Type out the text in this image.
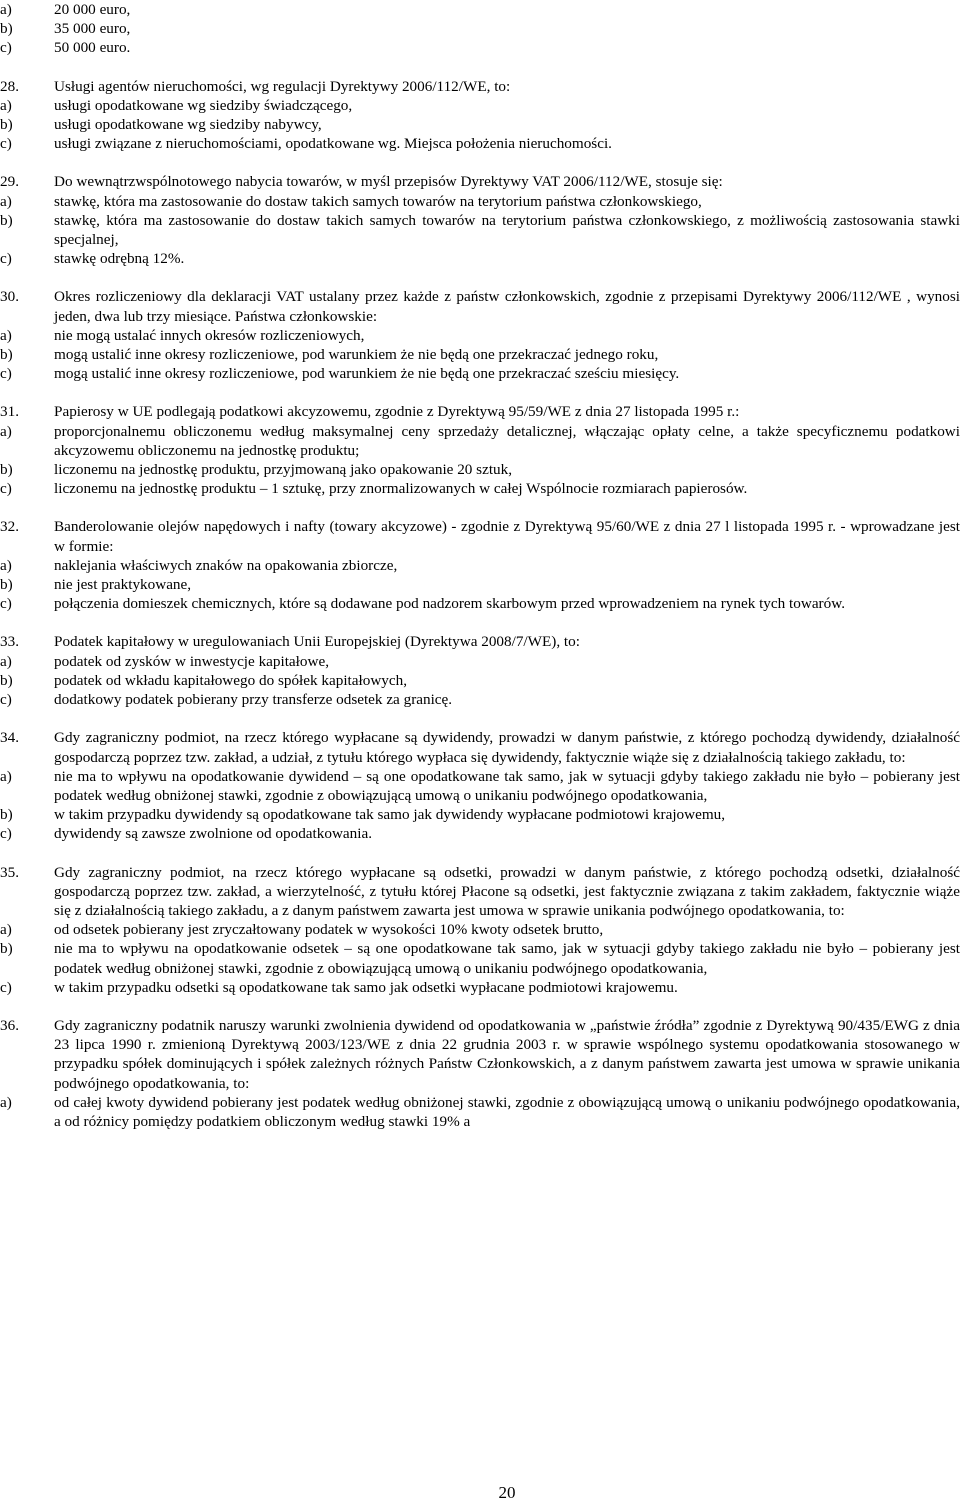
a)	20 000 euro,
b)	35 000 euro,
c)	50 000 euro.
28. Usługi agentów nieruchomości, wg regulacji Dyrektywy 2006/112/WE, to:
a)	usługi opodatkowane wg siedziby świadczącego,
b)	usługi opodatkowane wg siedziby nabywcy,
c)	usługi związane z nieruchomościami, opodatkowane wg. Miejsca położenia nieruchomości.
29. Do wewnątrzwspólnotowego nabycia towarów, w myśl przepisów Dyrektywy VAT 2006/112/WE, stosuje się:
a)	stawkę, która ma zastosowanie do dostaw takich samych towarów na terytorium państwa członkowskiego,
b)	stawkę, która ma zastosowanie do dostaw takich samych towarów na terytorium państwa członkowskiego, z możliwością zastosowania stawki specjalnej,
c)	stawkę odrębną 12%.
30. Okres rozliczeniowy dla deklaracji VAT ustalany przez każde z państw członkowskich, zgodnie z przepisami Dyrektywy 2006/112/WE , wynosi jeden, dwa lub trzy miesiące. Państwa członkowskie:
a)	nie mogą ustalać innych okresów rozliczeniowych,
b)	mogą ustalić inne okresy rozliczeniowe, pod warunkiem że nie będą one przekraczać jednego roku,
c)	mogą ustalić inne okresy rozliczeniowe, pod warunkiem że nie będą one przekraczać sześciu miesięcy.
31. Papierosy w UE podlegają podatkowi akcyzowemu, zgodnie z Dyrektywą 95/59/WE z dnia 27 listopada 1995 r.:
a)	proporcjonalnemu obliczonemu według maksymalnej ceny sprzedaży detalicznej, włączając opłaty celne, a także specyficznemu podatkowi akcyzowemu obliczonemu na jednostkę produktu;
b)	liczonemu na jednostkę produktu, przyjmowaną jako opakowanie 20 sztuk,
c)	liczonemu na jednostkę produktu – 1 sztukę, przy znormalizowanych w całej Wspólnocie rozmiarach papierosów.
32. Banderolowanie olejów napędowych i nafty (towary akcyzowe) - zgodnie z Dyrektywą 95/60/WE z dnia 27 l listopada 1995 r. - wprowadzane jest w formie:
a)	naklejania właściwych znaków na opakowania zbiorcze,
b)	nie jest praktykowane,
c)	połączenia domieszek chemicznych, które są dodawane pod nadzorem skarbowym przed wprowadzeniem na rynek tych towarów.
33. Podatek kapitałowy w uregulowaniach Unii Europejskiej (Dyrektywa 2008/7/WE), to:
a)	podatek od zysków w inwestycje kapitałowe,
b)	podatek od wkładu kapitałowego do spółek kapitałowych,
c)	dodatkowy podatek pobierany przy transferze odsetek za granicę.
34. Gdy zagraniczny podmiot, na rzecz którego wypłacane są dywidendy, prowadzi w danym państwie, z którego pochodzą dywidendy, działalność gospodarczą poprzez tzw. zakład, a udział, z tytułu którego wypłaca się dywidendy, faktycznie wiąże się z działalnością takiego zakładu, to:
a)	nie ma to wpływu na opodatkowanie dywidend – są one opodatkowane tak samo, jak w sytuacji gdyby takiego zakładu nie było – pobierany jest podatek według obniżonej stawki, zgodnie z obowiązującą umową o unikaniu podwójnego opodatkowania,
b)	w takim przypadku dywidendy są opodatkowane tak samo jak dywidendy wypłacane podmiotowi krajowemu,
c)	dywidendy są zawsze zwolnione od opodatkowania.
35. Gdy zagraniczny podmiot, na rzecz którego wypłacane są odsetki, prowadzi w danym państwie, z którego pochodzą odsetki, działalność gospodarczą poprzez tzw. zakład, a wierzytelność, z tytułu której Płacone są odsetki, jest faktycznie związana z takim zakładem, faktycznie wiąże się z działalnością takiego zakładu, a z danym państwem zawarta jest umowa w sprawie unikania podwójnego opodatkowania, to:
a)	od odsetek pobierany jest zryczałtowany podatek w wysokości 10% kwoty odsetek brutto,
b)	nie ma to wpływu na opodatkowanie odsetek – są one opodatkowane tak samo, jak w sytuacji gdyby takiego zakładu nie było – pobierany jest podatek według obniżonej stawki, zgodnie z obowiązującą umową o unikaniu podwójnego opodatkowania,
c)	w takim przypadku odsetki są opodatkowane tak samo jak odsetki wypłacane podmiotowi krajowemu.
36. Gdy zagraniczny podatnik naruszy warunki zwolnienia dywidend od opodatkowania w „państwie źródła” zgodnie z Dyrektywą 90/435/EWG z dnia 23 lipca 1990 r. zmienioną Dyrektywą 2003/123/WE z dnia 22 grudnia 2003 r. w sprawie wspólnego systemu opodatkowania stosowanego w przypadku spółek dominujących i spółek zależnych różnych Państw Członkowskich, a z danym państwem zawarta jest umowa w sprawie unikania podwójnego opodatkowania, to:
a)	od całej kwoty dywidend pobierany jest podatek według obniżonej stawki, zgodnie z obowiązującą umową o unikaniu podwójnego opodatkowania, a od różnicy pomiędzy podatkiem obliczonym według stawki 19% a
20
